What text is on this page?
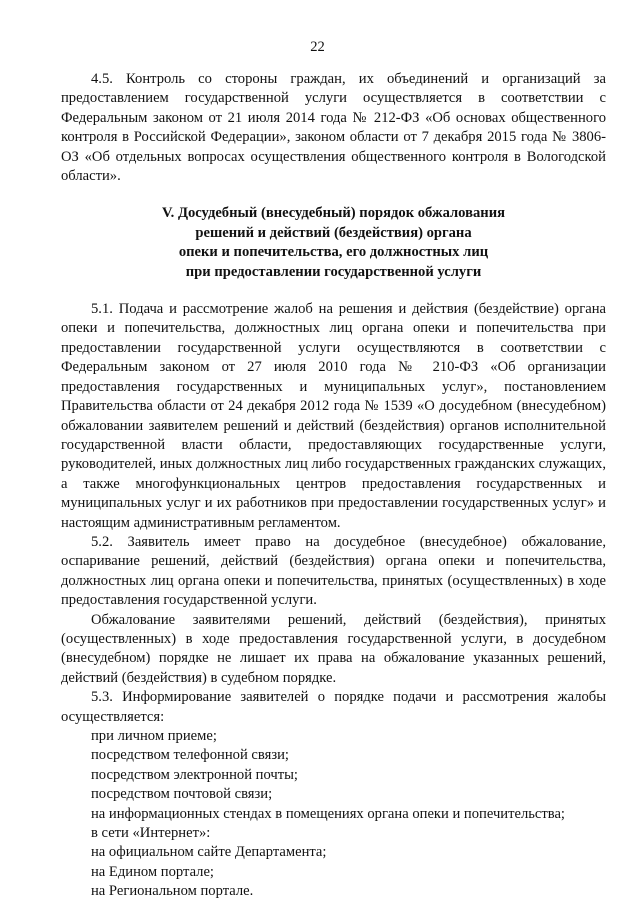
22

4.5. Контроль со стороны граждан, их объединений и организаций за предоставлением государственной услуги осуществляется в соответствии с Федеральным законом от 21 июля 2014 года № 212-ФЗ «Об основах общественного контроля в Российской Федерации», законом области от 7 декабря 2015 года № 3806-ОЗ «Об отдельных вопросах осуществления общественного контроля в Вологодской области».

V. Досудебный (внесудебный) порядок обжалования
решений и действий (бездействия) органа
опеки и попечительства, его должностных лиц
при предоставлении государственной услуги

5.1. Подача и рассмотрение жалоб на решения и действия (бездействие) органа опеки и попечительства, должностных лиц органа опеки и попечительства при предоставлении государственной услуги осуществляются в соответствии с Федеральным законом от 27 июля 2010 года № 210-ФЗ «Об организации предоставления государственных и муниципальных услуг», постановлением Правительства области от 24 декабря 2012 года № 1539 «О досудебном (внесудебном) обжаловании заявителем решений и действий (бездействия) органов исполнительной государственной власти области, предоставляющих государственные услуги, руководителей, иных должностных лиц либо государственных гражданских служащих, а также многофункциональных центров предоставления государственных и муниципальных услуг и их работников при предоставлении государственных услуг» и настоящим административным регламентом.

5.2. Заявитель имеет право на досудебное (внесудебное) обжалование, оспаривание решений, действий (бездействия) органа опеки и попечительства, должностных лиц органа опеки и попечительства, принятых (осуществленных) в ходе предоставления государственной услуги.

Обжалование заявителями решений, действий (бездействия), принятых (осуществленных) в ходе предоставления государственной услуги, в досудебном (внесудебном) порядке не лишает их права на обжалование указанных решений, действий (бездействия) в судебном порядке.

5.3. Информирование заявителей о порядке подачи и рассмотрения жалобы осуществляется:

при личном приеме;
посредством телефонной связи;
посредством электронной почты;
посредством почтовой связи;
на информационных стендах в помещениях органа опеки и попечительства;
в сети «Интернет»:
на официальном сайте Департамента;
на Едином портале;
на Региональном портале.
